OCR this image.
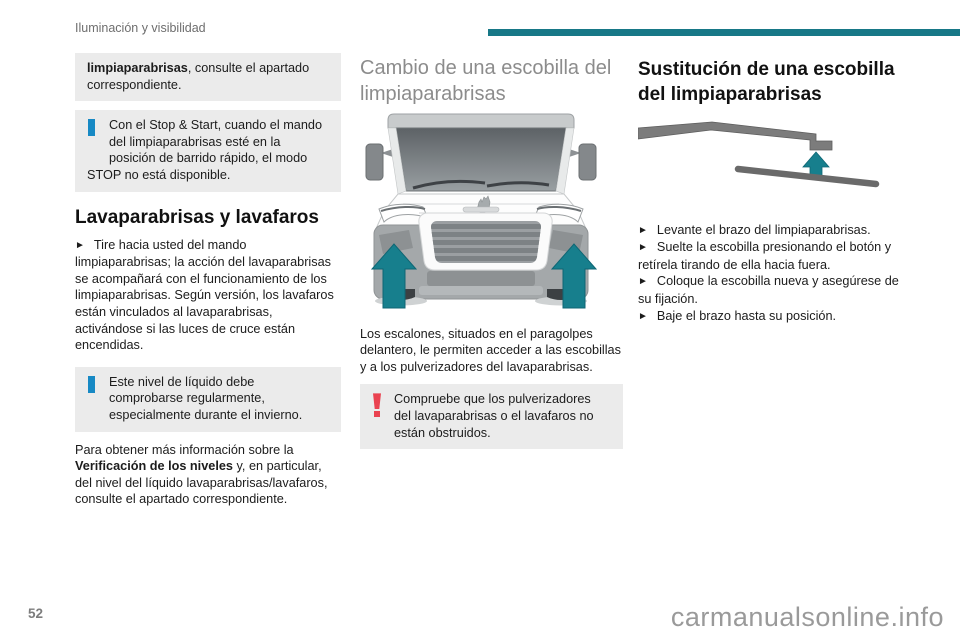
Iluminación y visibilidad
limpiaparabrisas, consulte el apartado correspondiente.
Con el Stop & Start, cuando el mando del limpiaparabrisas esté en la posición de barrido rápido, el modo STOP no está disponible.
Lavaparabrisas y lavafaros

► Tire hacia usted del mando limpiaparabrisas; la acción del lavaparabrisas se acompañará con el funcionamiento de los limpiaparabrisas. Según versión, los lavafaros están vinculados al lavaparabrisas, activándose si las luces de cruce están encendidas.

Este nivel de líquido debe comprobarse regularmente, especialmente durante el invierno.

Para obtener más información sobre la Verificación de los niveles y, en particular, del nivel del líquido lavaparabrisas/lavafaros, consulte el apartado correspondiente.

Cambio de una escobilla del limpiaparabrisas

Los escalones, situados en el paragolpes delantero, le permiten acceder a las escobillas y a los pulverizadores del lavaparabrisas.

Compruebe que los pulverizadores del lavaparabrisas o el lavafaros no están obstruidos.
Sustitución de una escobilla del limpiaparabrisas
► Levante el brazo del limpiaparabrisas.
► Suelte la escobilla presionando el botón y retírela tirando de ella hacia fuera.
► Coloque la escobilla nueva y asegúrese de su fijación.
► Baje el brazo hasta su posición.
52	carmanualsonline.info
